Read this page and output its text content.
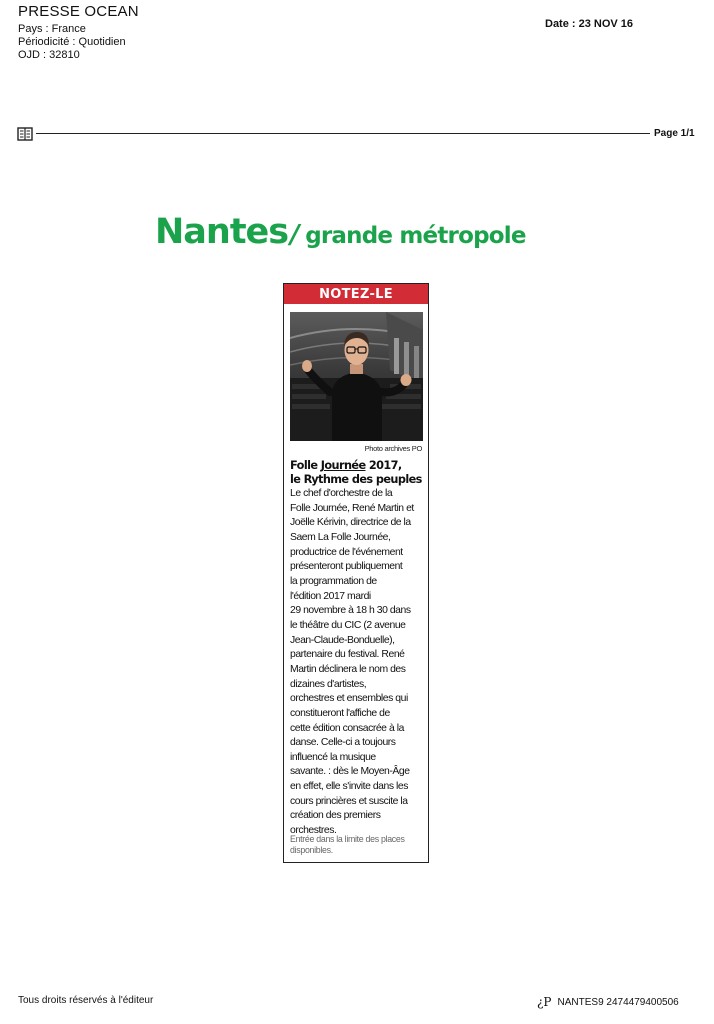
PRESSE OCEAN
Pays : France
Périodicité : Quotidien
OJD : 32810
Date : 23 NOV 16
Page 1/1
Nantes/ grande métropole
NOTEZ-LE
Photo archives PO
Folle Journée 2017,
le Rythme des peuples
Le chef d'orchestre de la
Folle Journée, René Martin et
Joëlle Kérivin, directrice de la
Saem La Folle Journée,
productrice de l'événement
présenteront publiquement
la programmation de
l'édition 2017 mardi
29 novembre à 18 h 30 dans
le théâtre du CIC (2 avenue
Jean-Claude-Bonduelle),
partenaire du festival. René
Martin déclinera le nom des
dizaines d'artistes,
orchestres et ensembles qui
constitueront l'affiche de
cette édition consacrée à la
danse. Celle-ci a toujours
influencé la musique
savante. : dès le Moyen-Âge
en effet, elle s'invite dans les
cours princières et suscite la
création des premiers
orchestres.
Entrée dans la limite des places
disponibles.
Tous droits réservés à l'éditeur	¿P NANTES9 2474479400506
